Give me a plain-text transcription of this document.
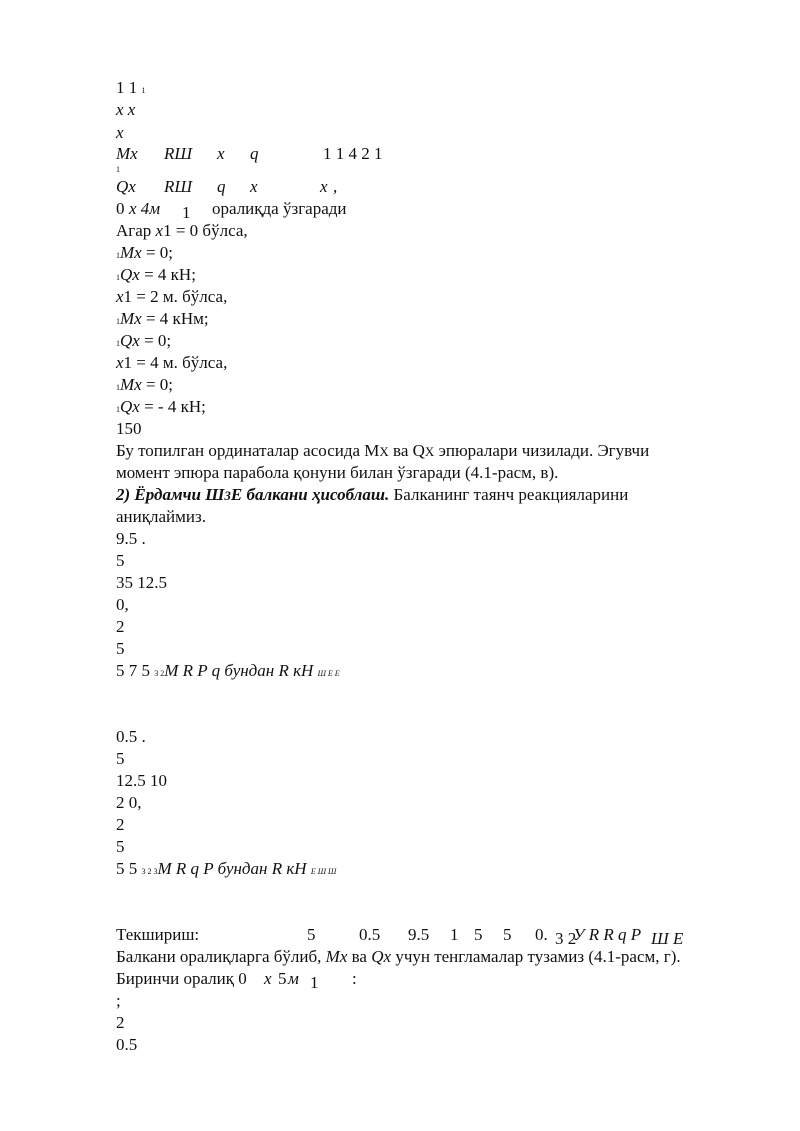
1 1 1
x x
x
Mx RШ x q	1 1 4 2 1
1
Qx RШ q x	x ,
0 x 4м 1 оралиқда ўзгаради
Агар x1 = 0 бўлса,
1Mx = 0;
1Qx = 4 кН;
x1 = 2 м. бўлса,
1Mx = 4 кНм;
1Qx = 0;
x1 = 4 м. бўлса,
1Mx = 0;
1Qx = - 4 кН;
150
Бу топилган ординаталар асосида МX ва QX эпюралари чизилади. Эгувчи
момент эпюра парабола қонуни билан ўзгаради (4.1-расм, в).
2) Ёрдамчи Ш3Е балкани ҳисоблаш. Балканинг таянч реакцияларини
аниқлаймиз.
9.5 .
5
35 12.5
0,
2
5
5 7 5 3 2M R P q бундан R кН Ш Е Е
0.5 .
5
12.5 10
2 0,
2
5
5 5 3 2 3M R q P бундан R кН Е Ш Ш
Текшириш:	5	0.5 9.5 1 5 5 0. 3 2
У R R q P Ш Е
Балкани оралиқларга бўлиб, Mx ва Qx учун тенгламалар тузамиз (4.1-расм, г).
Биринчи оралиқ 0 x 5 м 1 :
;
2
0.5
